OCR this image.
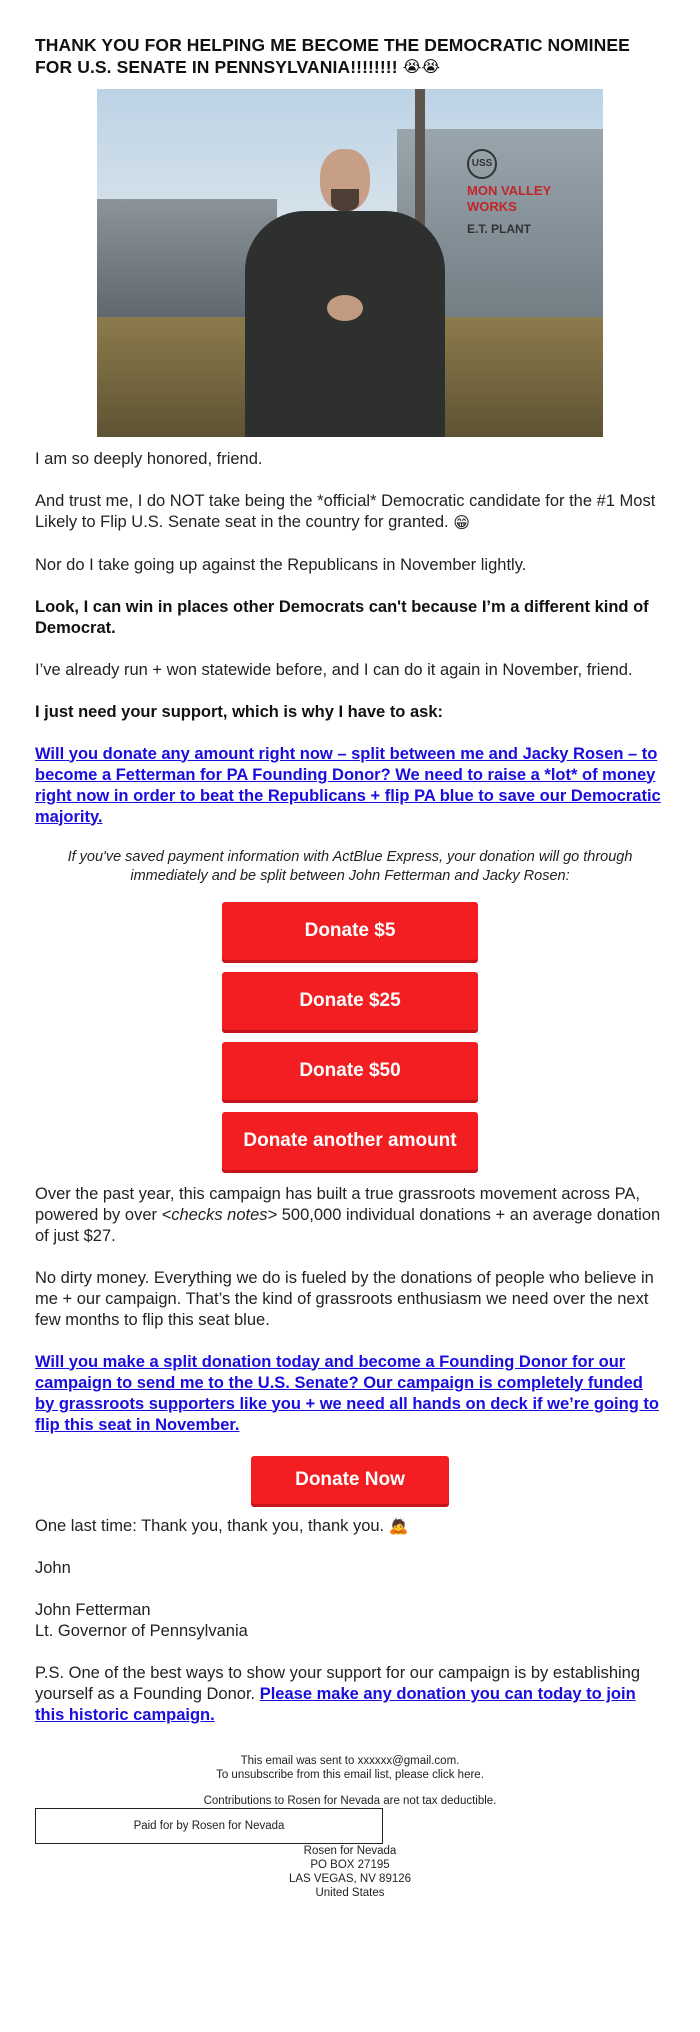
THANK YOU FOR HELPING ME BECOME THE DEMOCRATIC NOMINEE FOR U.S. SENATE IN PENNSYLVANIA!!!!!!!! 😭😭
USS
MON VALLEY WORKS
E.T. PLANT

I am so deeply honored, friend.

And trust me, I do NOT take being the *official* Democratic candidate for the #1 Most Likely to Flip U.S. Senate seat in the country for granted. 😁

Nor do I take going up against the Republicans in November lightly.

Look, I can win in places other Democrats can't because I’m a different kind of Democrat.

I’ve already run + won statewide before, and I can do it again in November, friend.

I just need your support, which is why I have to ask:

Will you donate any amount right now – split between me and Jacky Rosen – to become a Fetterman for PA Founding Donor? We need to raise a *lot* of money right now in order to beat the Republicans + flip PA blue to save our Democratic majority.

If you've saved payment information with ActBlue Express, your donation will go through immediately and be split between John Fetterman and Jacky Rosen:

Donate $5
Donate $25
Donate $50
Donate another amount

Over the past year, this campaign has built a true grassroots movement across PA, powered by over <checks notes> 500,000 individual donations + an average donation of just $27.

No dirty money. Everything we do is fueled by the donations of people who believe in me + our campaign. That’s the kind of grassroots enthusiasm we need over the next few months to flip this seat blue.

Will you make a split donation today and become a Founding Donor for our campaign to send me to the U.S. Senate? Our campaign is completely funded by grassroots supporters like you + we need all hands on deck if we’re going to flip this seat in November.

Donate Now

One last time: Thank you, thank you, thank you. 🙇

John

John Fetterman
Lt. Governor of Pennsylvania

P.S. One of the best ways to show your support for our campaign is by establishing yourself as a Founding Donor. Please make any donation you can today to join this historic campaign.

This email was sent to xxxxxx@gmail.com.
To unsubscribe from this email list, please click here.
Contributions to Rosen for Nevada are not tax deductible.
Paid for by Rosen for Nevada
Rosen for Nevada
PO BOX 27195
LAS VEGAS, NV 89126
United States
